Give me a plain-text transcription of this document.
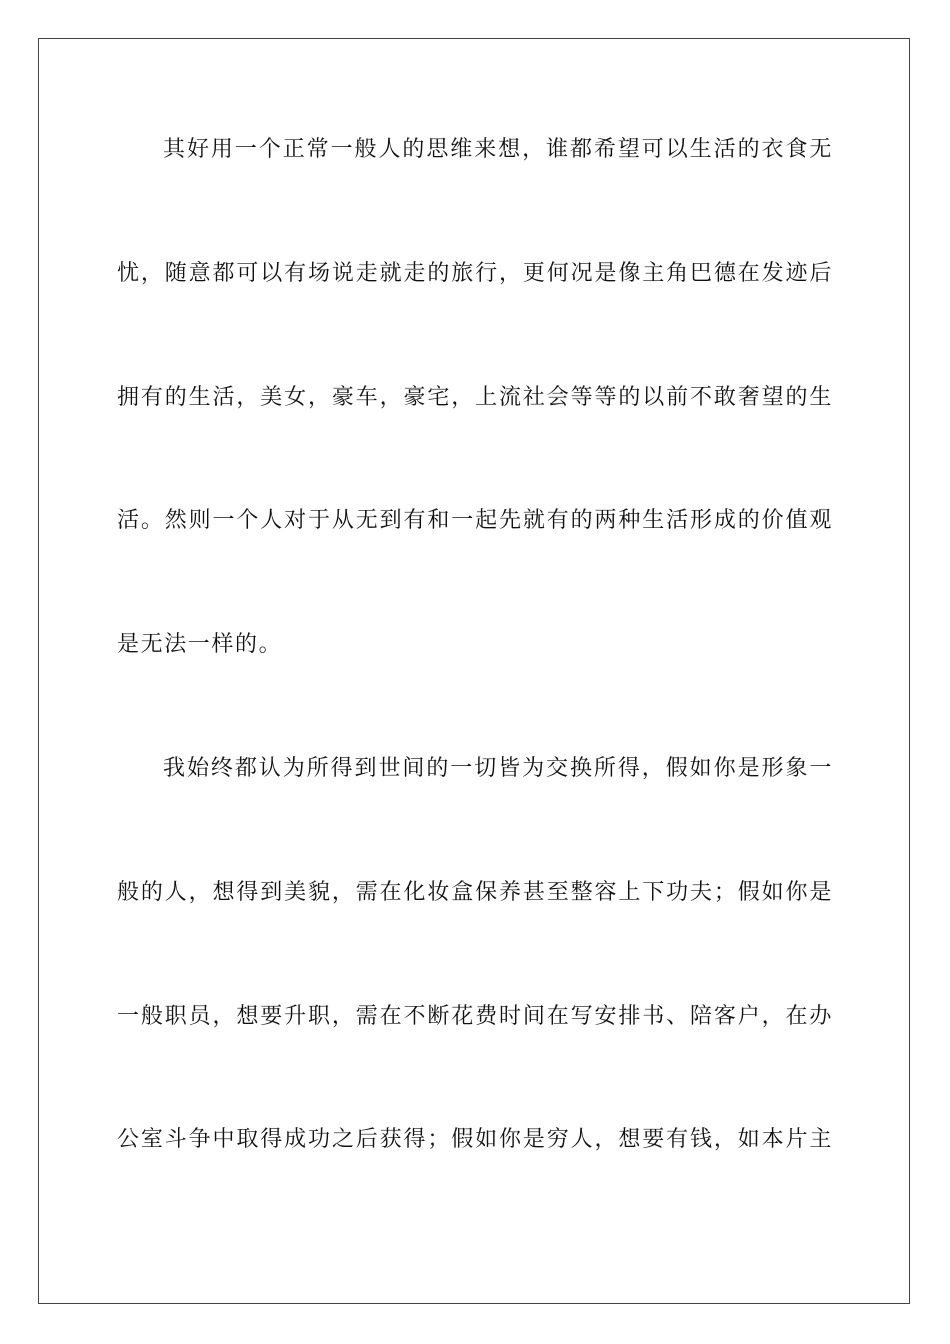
其好用一个正常一般人的思维来想，谁都希望可以生活的衣食无
忧，随意都可以有场说走就走的旅行，更何况是像主角巴德在发迹后
拥有的生活，美女，豪车，豪宅，上流社会等等的以前不敢奢望的生
活。然则一个人对于从无到有和一起先就有的两种生活形成的价值观
是无法一样的。
我始终都认为所得到世间的一切皆为交换所得，假如你是形象一
般的人，想得到美貌，需在化妆盒保养甚至整容上下功夫；假如你是
一般职员，想要升职，需在不断花费时间在写安排书、陪客户，在办
公室斗争中取得成功之后获得；假如你是穷人，想要有钱，如本片主
